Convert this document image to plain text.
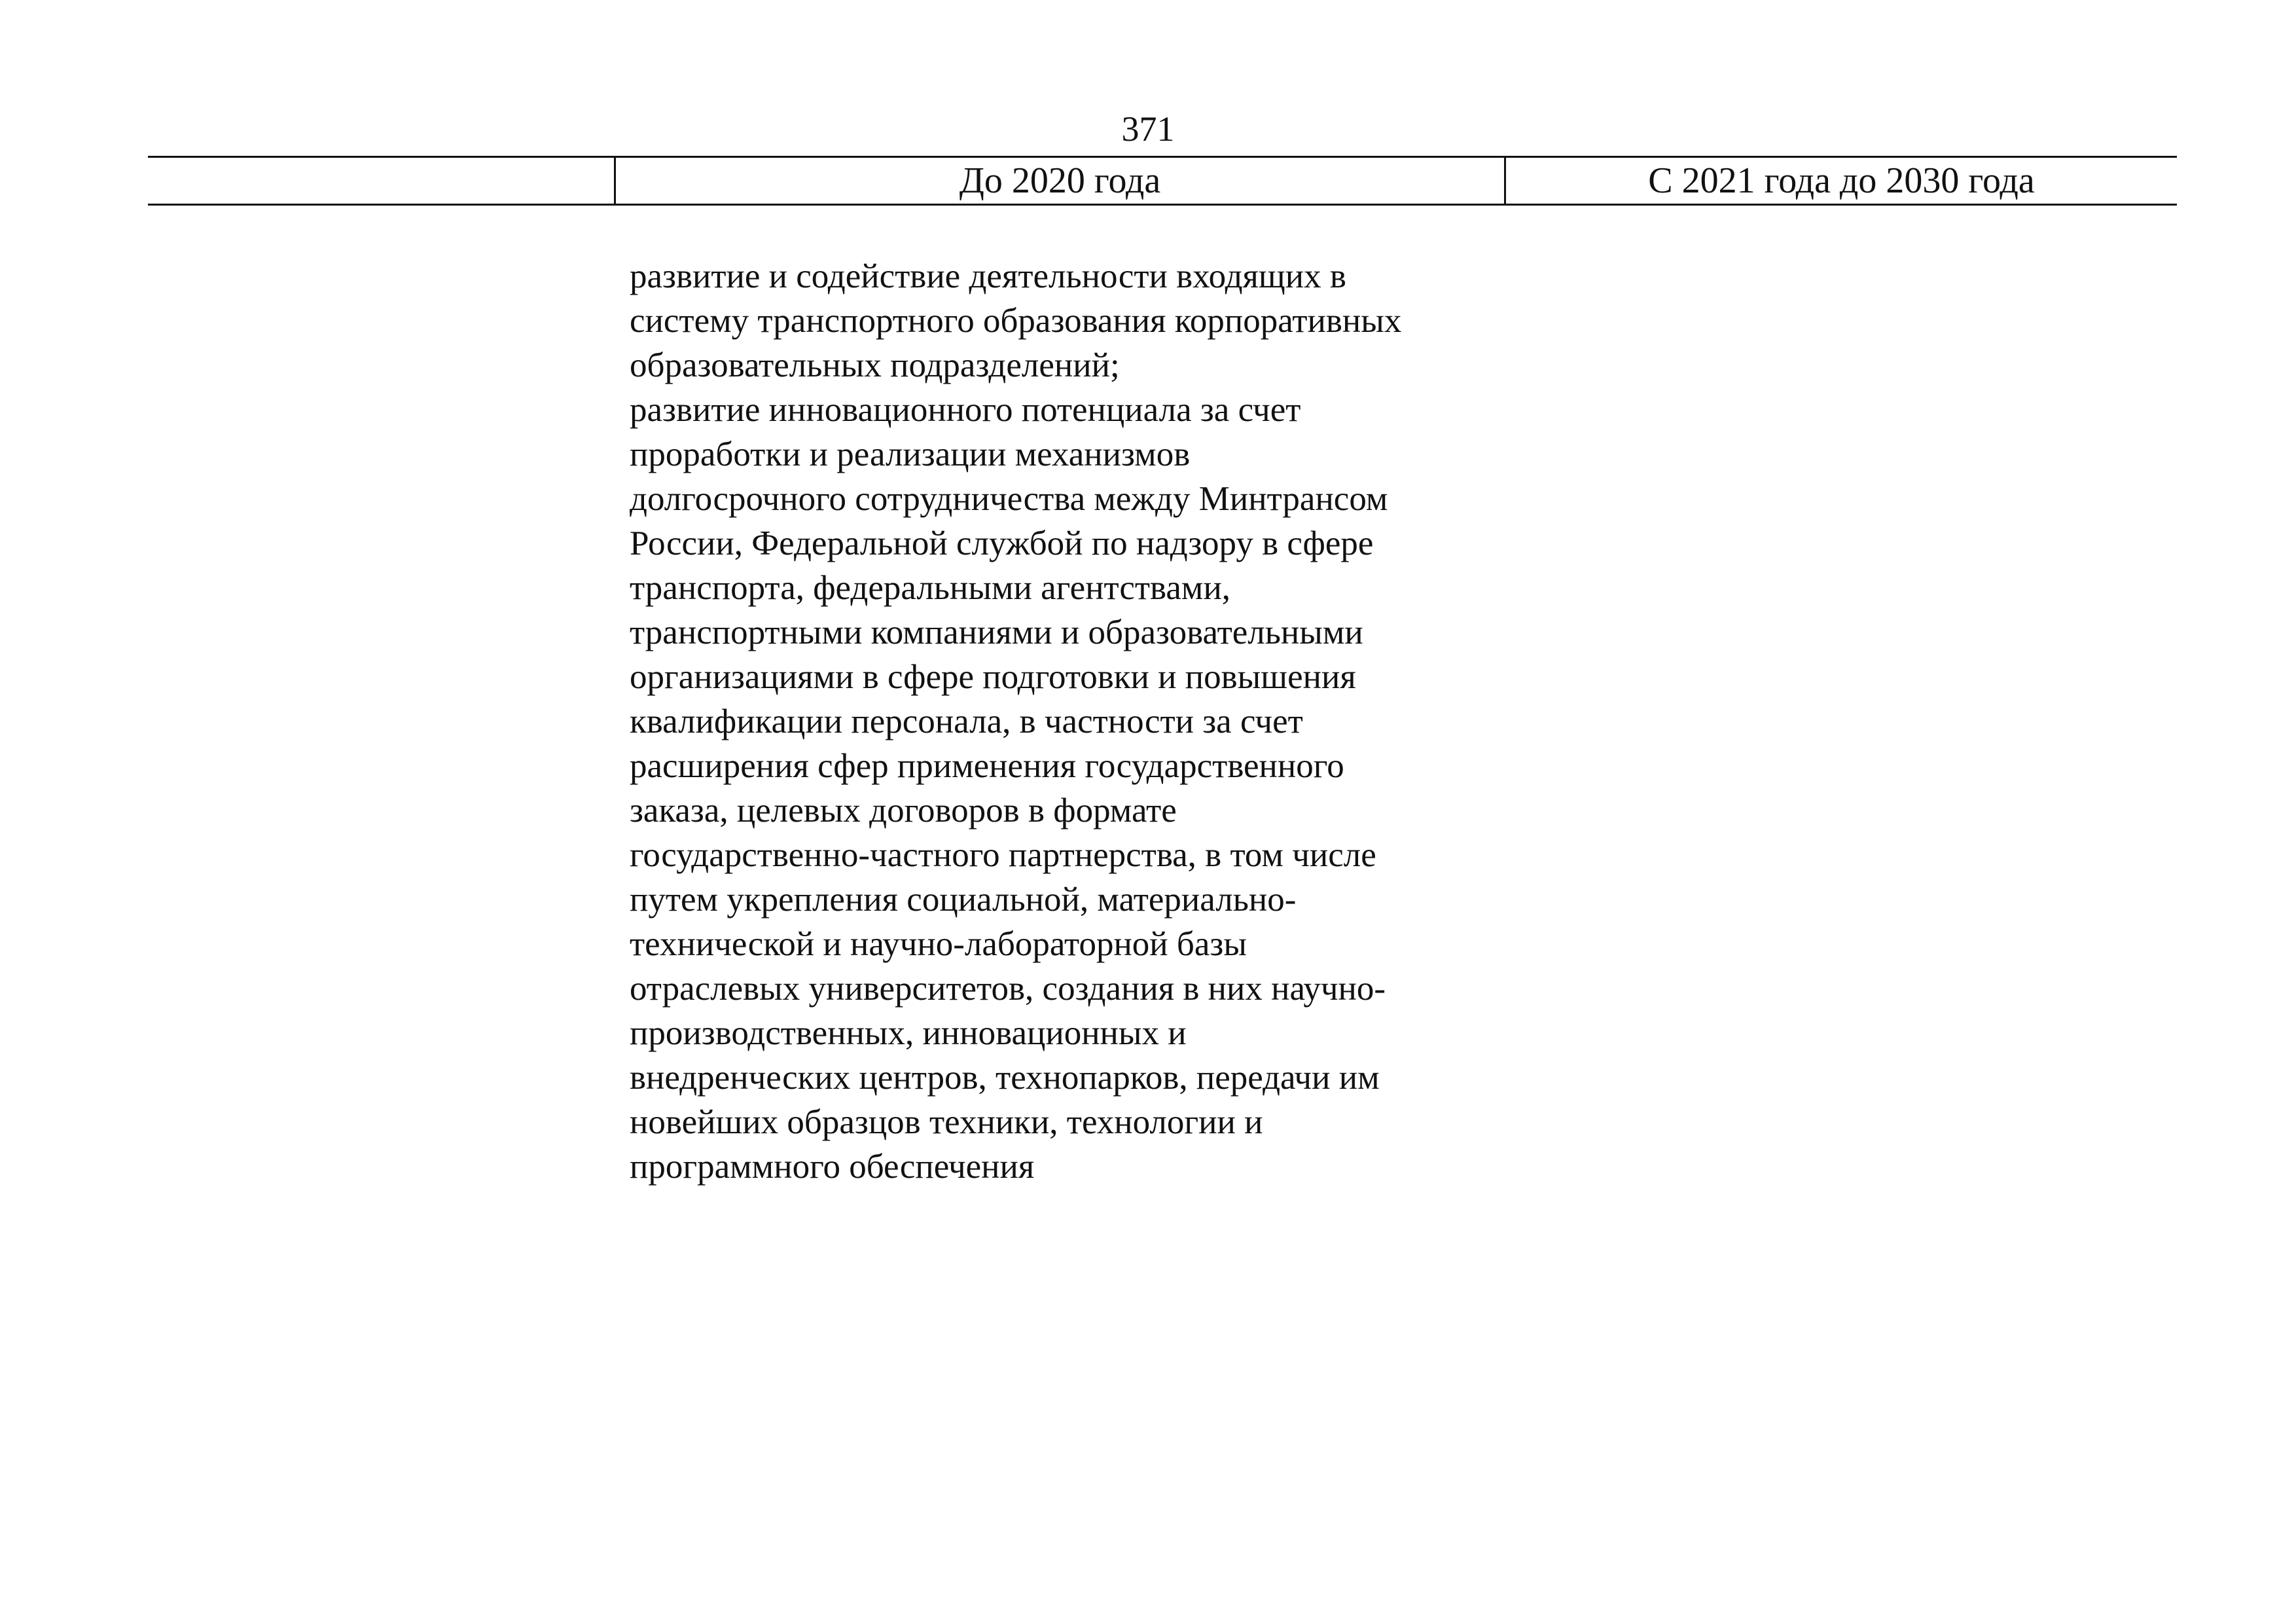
371
До 2020 года	С 2021 года до 2030 года

развитие и содействие деятельности входящих в

систему транспортного образования корпоративных

образовательных подразделений;

развитие инновационного потенциала за счет

проработки и реализации механизмов

долгосрочного сотрудничества между Минтрансом

России, Федеральной службой по надзору в сфере

транспорта, федеральными агентствами,

транспортными компаниями и образовательными

организациями в сфере подготовки и повышения

квалификации персонала, в частности за счет

расширения сфер применения государственного

заказа, целевых договоров в формате

государственно-частного партнерства, в том числе

путем укрепления социальной, материально-

технической и научно-лабораторной базы

отраслевых университетов, создания в них научно-

производственных, инновационных и

внедренческих центров, технопарков, передачи им

новейших образцов техники, технологии и

программного обеспечения
